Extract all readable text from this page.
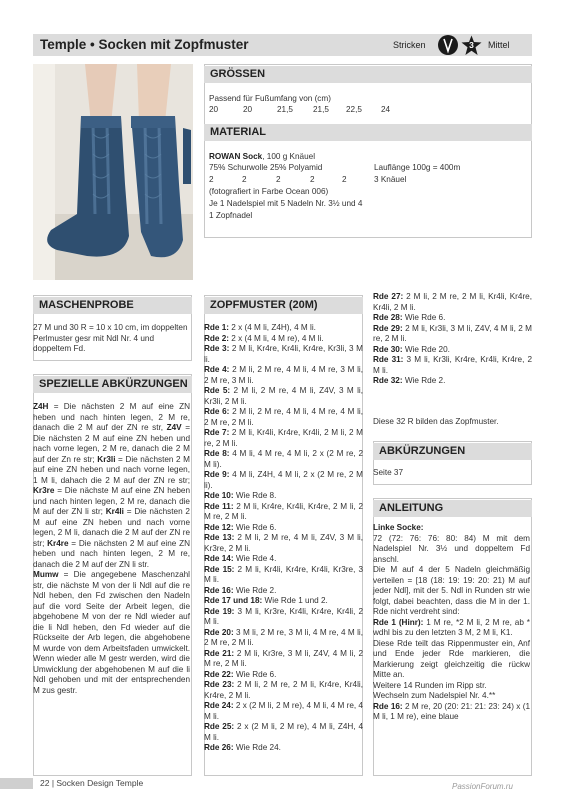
Temple • Socken mit Zopfmuster	Stricken	3	Mittel
GRÖSSEN
Passend für Fußumfang von (cm)
20	20	21,5 21,5 22,5 24
MATERIAL
ROWAN Sock, 100 g Knäuel
75% Schurwolle 25% Polyamid	Lauflänge 100g = 400m
2	2	2	2	2	3 Knäuel
(fotografiert in Farbe Ocean 006)
Je 1 Nadelspiel mit 5 Nadeln Nr. 3½ und 4
1 Zopfnadel
MASCHENPROBE
27 M und 30 R = 10 x 10 cm, im doppelten Perlmuster gesr mit Ndl Nr. 4 und doppeltem Fd.
SPEZIELLE ABKÜRZUNGEN
Z4H = Die nächsten 2 M auf eine ZN heben und nach hinten legen, 2 M re, danach die 2 M auf der ZN re str, Z4V = Die nächsten 2 M auf eine ZN heben und nach vorne legen, 2 M re, danach die 2 M auf der Zn re str; Kr3li = Die nächsten 2 M auf eine ZN heben und nach vorne legen, 1 M li, dahach die 2 M auf der ZN re str; Kr3re = Die nächste M auf eine ZN heben und nach hinten legen, 2 M re, danach die M auf der ZN li str; Kr4li = Die nächsten 2 M auf eine ZN heben und nach vorne legen, 2 M li, danach die 2 M auf der ZN re str; Kr4re = Die nächsten 2 M auf eine ZN heben und nach hinten legen, 2 M re, danach die 2 M auf der ZN li str.
Mumw = Die angegebene Maschenzahl str, die nächste M von der li Ndl auf die re Ndl heben, den Fd zwischen den Nadeln auf die vord Seite der Arbeit legen, die abgehobene M von der re Ndl wieder auf die li Ndl heben, den Fd wieder auf die Rückseite der Arb legen, die abgehobene M wurde von dem Arbeitsfaden umwickelt. Wenn wieder alle M gestr werden, wird die Umwicklung der abgehobenen M auf die li Ndl gehoben und mit der entsprechenden M zus gestr.
ZOPFMUSTER (20M)
Rde 1: 2 x (4 M li, Z4H), 4 M li.
Rde 2: 2 x (4 M li, 4 M re), 4 M li.
Rde 3: 2 M li, Kr4re, Kr4li, Kr4re, Kr3li, 3 M li.
Rde 4: 2 M li, 2 M re, 4 M li, 4 M re, 3 M li, 2 M re, 3 M li.
Rde 5: 2 M li, 2 M re, 4 M li, Z4V, 3 M li, Kr3li, 2 M li.
Rde 6: 2 M li, 2 M re, 4 M li, 4 M re, 4 M li, 2 M re, 2 M li.
Rde 7: 2 M li, Kr4li, Kr4re, Kr4li, 2 M li, 2 M re, 2 M li.
Rde 8: 4 M li, 4 M re, 4 M li, 2 x (2 M re, 2 M li).
Rde 9: 4 M li, Z4H, 4 M li, 2 x (2 M re, 2 M li).
Rde 10: Wie Rde 8.
Rde 11: 2 M li, Kr4re, Kr4li, Kr4re, 2 M li, 2 M re, 2 M li.
Rde 12: Wie Rde 6.
Rde 13: 2 M li, 2 M re, 4 M li, Z4V, 3 M li, Kr3re, 2 M li.
Rde 14: Wie Rde 4.
Rde 15: 2 M li, Kr4li, Kr4re, Kr4li, Kr3re, 3 M li.
Rde 16: Wie Rde 2.
Rde 17 und 18: Wie Rde 1 und 2.
Rde 19: 3 M li, Kr3re, Kr4li, Kr4re, Kr4li, 2 M li.
Rde 20: 3 M li, 2 M re, 3 M li, 4 M re, 4 M li, 2 M re, 2 M li.
Rde 21: 2 M li, Kr3re, 3 M li, Z4V, 4 M li, 2 M re, 2 M li.
Rde 22: Wie Rde 6.
Rde 23: 2 M li, 2 M re, 2 M li, Kr4re, Kr4li, Kr4re, 2 M li.
Rde 24: 2 x (2 M li, 2 M re), 4 M li, 4 M re, 4 M li.
Rde 25: 2 x (2 M li, 2 M re), 4 M li, Z4H, 4 M li.
Rde 26: Wie Rde 24.
Rde 27: 2 M li, 2 M re, 2 M li, Kr4li, Kr4re, Kr4li, 2 M li.
Rde 28: Wie Rde 6.
Rde 29: 2 M li, Kr3li, 3 M li, Z4V, 4 M li, 2 M re, 2 M li.
Rde 30: Wie Rde 20.
Rde 31: 3 M li, Kr3li, Kr4re, Kr4li, Kr4re, 2 M li.
Rde 32: Wie Rde 2.
Diese 32 R bilden das Zopfmuster.
ABKÜRZUNGEN
Seite 37
ANLEITUNG
Linke Socke:
72 (72: 76: 76: 80: 84) M mit dem Nadelspiel Nr. 3½ und doppeltem Fd anschl.
Die M auf 4 der 5 Nadeln gleichmäßig verteilen = [18 (18: 19: 19: 20: 21) M auf jeder Ndl], mit der 5. Ndl in Runden str wie folgt, dabei beachten, dass die M in der 1. Rde nicht verdreht sind:
Rde 1 (Hinr): 1 M re, *2 M li, 2 M re, ab * wdhl bis zu den letzten 3 M, 2 M li, K1.
Diese Rde teilt das Rippenmuster ein, Anf und Ende jeder Rde markieren, die Markierung zeigt gleichzeitig die rückw Mitte an.
Weitere 14 Runden im Ripp str.
Wechseln zum Nadelspiel Nr. 4.**
Rde 16: 2 M re, 20 (20: 21: 21: 23: 24) x (1 M li, 1 M re), eine blaue
22 | Socken Design Temple	PassionForum.ru
